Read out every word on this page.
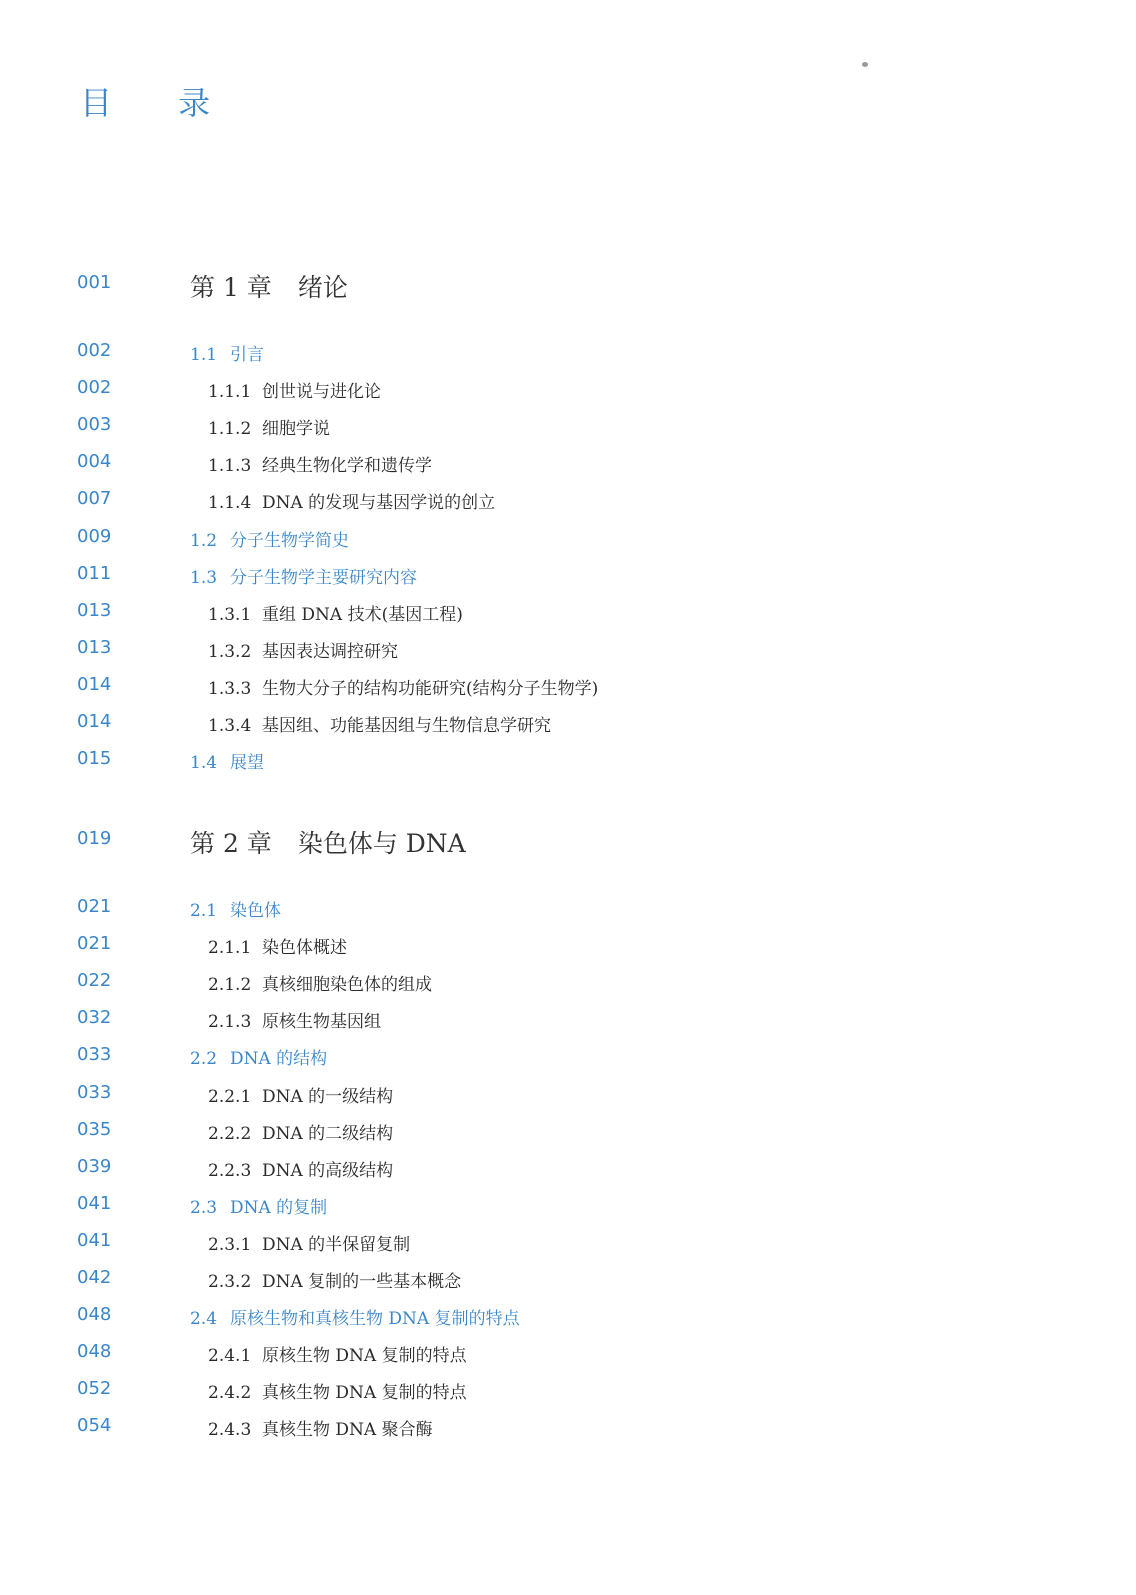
目 录
001	第 1 章 绪论
002	1.1 引言
002	1.1.1 创世说与进化论
003	1.1.2 细胞学说
004	1.1.3 经典生物化学和遗传学
007	1.1.4 DNA 的发现与基因学说的创立
009	1.2 分子生物学简史
011	1.3 分子生物学主要研究内容
013	1.3.1 重组 DNA 技术(基因工程)
013	1.3.2 基因表达调控研究
014	1.3.3 生物大分子的结构功能研究(结构分子生物学)
014	1.3.4 基因组、功能基因组与生物信息学研究
015	1.4 展望
019	第 2 章 染色体与 DNA
021	2.1 染色体
021	2.1.1 染色体概述
022	2.1.2 真核细胞染色体的组成
032	2.1.3 原核生物基因组
033	2.2 DNA 的结构
033	2.2.1 DNA 的一级结构
035	2.2.2 DNA 的二级结构
039	2.2.3 DNA 的高级结构
041	2.3 DNA 的复制
041	2.3.1 DNA 的半保留复制
042	2.3.2 DNA 复制的一些基本概念
048	2.4 原核生物和真核生物 DNA 复制的特点
048	2.4.1 原核生物 DNA 复制的特点
052	2.4.2 真核生物 DNA 复制的特点
054	2.4.3 真核生物 DNA 聚合酶
